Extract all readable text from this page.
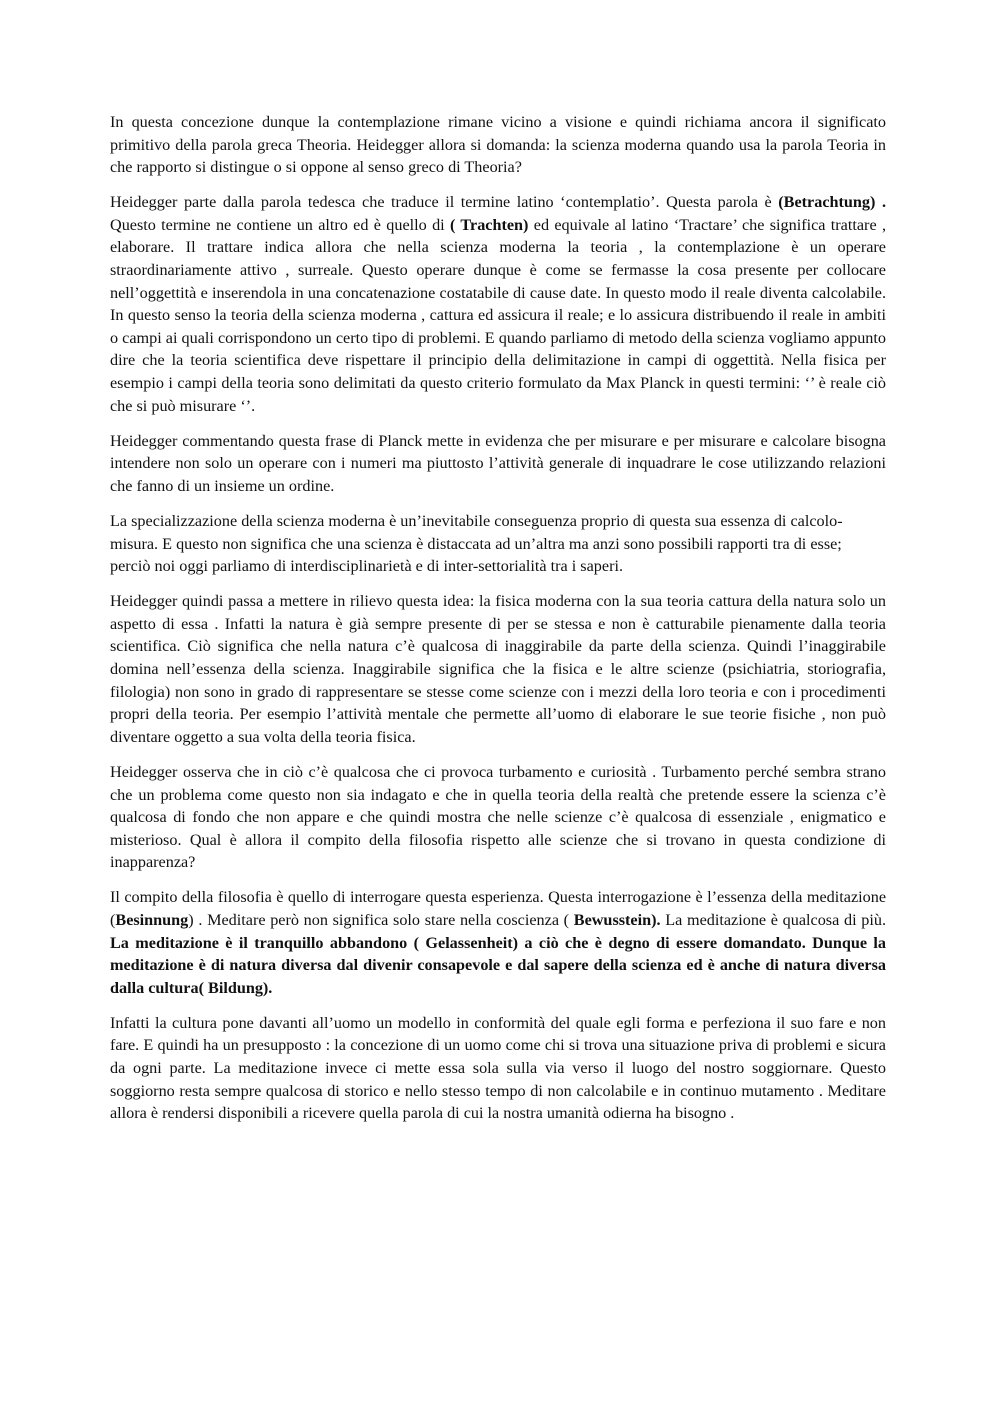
In questa concezione dunque la contemplazione rimane vicino a visione e quindi richiama ancora il significato primitivo della parola greca Theoria. Heidegger allora si domanda: la scienza moderna quando usa la parola Teoria in che rapporto si distingue o si oppone al senso greco di Theoria?

Heidegger parte dalla parola tedesca che traduce il termine latino ‘contemplatio’. Questa parola è (Betrachtung) . Questo termine ne contiene un altro ed è quello di ( Trachten) ed equivale al latino ‘Tractare’ che significa trattare , elaborare. Il trattare indica allora che nella scienza moderna la teoria , la contemplazione è un operare straordinariamente attivo , surreale. Questo operare dunque è come se fermasse la cosa presente per collocare nell’oggettità e inserendola in una concatenazione costatabile di cause date. In questo modo il reale diventa calcolabile. In questo senso la teoria della scienza moderna , cattura ed assicura il reale; e lo assicura distribuendo il reale in ambiti o campi ai quali corrispondono un certo tipo di problemi. E quando parliamo di metodo della scienza vogliamo appunto dire che la teoria scientifica deve rispettare il principio della delimitazione in campi di oggettità. Nella fisica per esempio i campi della teoria sono delimitati da questo criterio formulato da Max Planck in questi termini: ‘’ è reale ciò che si può misurare ‘’.

Heidegger commentando questa frase di Planck mette in evidenza che per misurare e per misurare e calcolare bisogna intendere non solo un operare con i numeri ma piuttosto l’attività generale di inquadrare le cose utilizzando relazioni che fanno di un insieme un ordine.

La specializzazione della scienza moderna è un’inevitabile conseguenza proprio di questa sua essenza di calcolo-misura. E questo non significa che una scienza è distaccata ad un’altra ma anzi sono possibili rapporti tra di esse; perciò noi oggi parliamo di interdisciplinarietà e di inter-settorialità tra i saperi.

Heidegger quindi passa a mettere in rilievo questa idea: la fisica moderna con la sua teoria cattura della natura solo un aspetto di essa . Infatti la natura è già sempre presente di per se stessa e non è catturabile pienamente dalla teoria scientifica. Ciò significa che nella natura c’è qualcosa di inaggirabile da parte della scienza. Quindi l’inaggirabile domina nell’essenza della scienza. Inaggirabile significa che la fisica e le altre scienze (psichiatria, storiografia, filologia) non sono in grado di rappresentare se stesse come scienze con i mezzi della loro teoria e con i procedimenti propri della teoria. Per esempio l’attività mentale che permette all’uomo di elaborare le sue teorie fisiche , non può diventare oggetto a sua volta della teoria fisica.

Heidegger osserva che in ciò c’è qualcosa che ci provoca turbamento e curiosità . Turbamento perché sembra strano che un problema come questo non sia indagato e che in quella teoria della realtà che pretende essere la scienza c’è qualcosa di fondo che non appare e che quindi mostra che nelle scienze c’è qualcosa di essenziale , enigmatico e misterioso. Qual è allora il compito della filosofia rispetto alle scienze che si trovano in questa condizione di inapparenza?

Il compito della filosofia è quello di interrogare questa esperienza. Questa interrogazione è l’essenza della meditazione (Besinnung) . Meditare però non significa solo stare nella coscienza ( Bewusstein). La meditazione è qualcosa di più. La meditazione è il tranquillo abbandono ( Gelassenheit) a ciò che è degno di essere domandato. Dunque la meditazione è di natura diversa dal divenir consapevole e dal sapere della scienza ed è anche di natura diversa dalla cultura( Bildung).

Infatti la cultura pone davanti all’uomo un modello in conformità del quale egli forma e perfeziona il suo fare e non fare. E quindi ha un presupposto : la concezione di un uomo come chi si trova una situazione priva di problemi e sicura da ogni parte. La meditazione invece ci mette essa sola sulla via verso il luogo del nostro soggiornare. Questo soggiorno resta sempre qualcosa di storico e nello stesso tempo di non calcolabile e in continuo mutamento . Meditare allora è rendersi disponibili a ricevere quella parola di cui la nostra umanità odierna ha bisogno .
